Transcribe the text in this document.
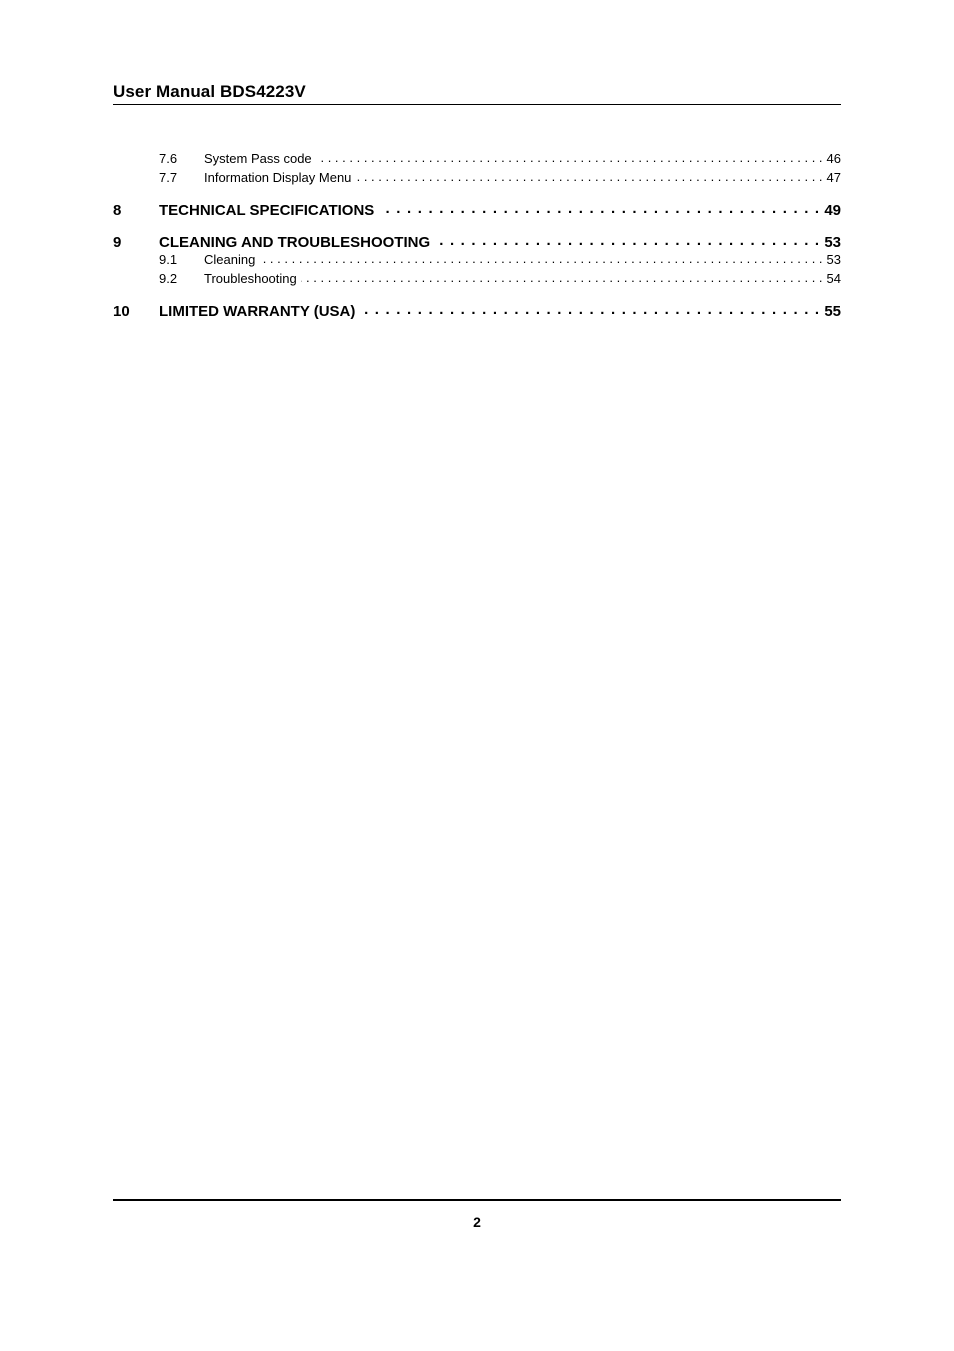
User Manual BDS4223V
7.6	System Pass code . . .	46
7.7	Information Display Menu . . .	47
8	TECHNICAL SPECIFICATIONS . . .	49
9	CLEANING AND TROUBLESHOOTING . . .	53
9.1	Cleaning . . .	53
9.2	Troubleshooting . . .	54
10	LIMITED WARRANTY (USA) . . .	55
2
